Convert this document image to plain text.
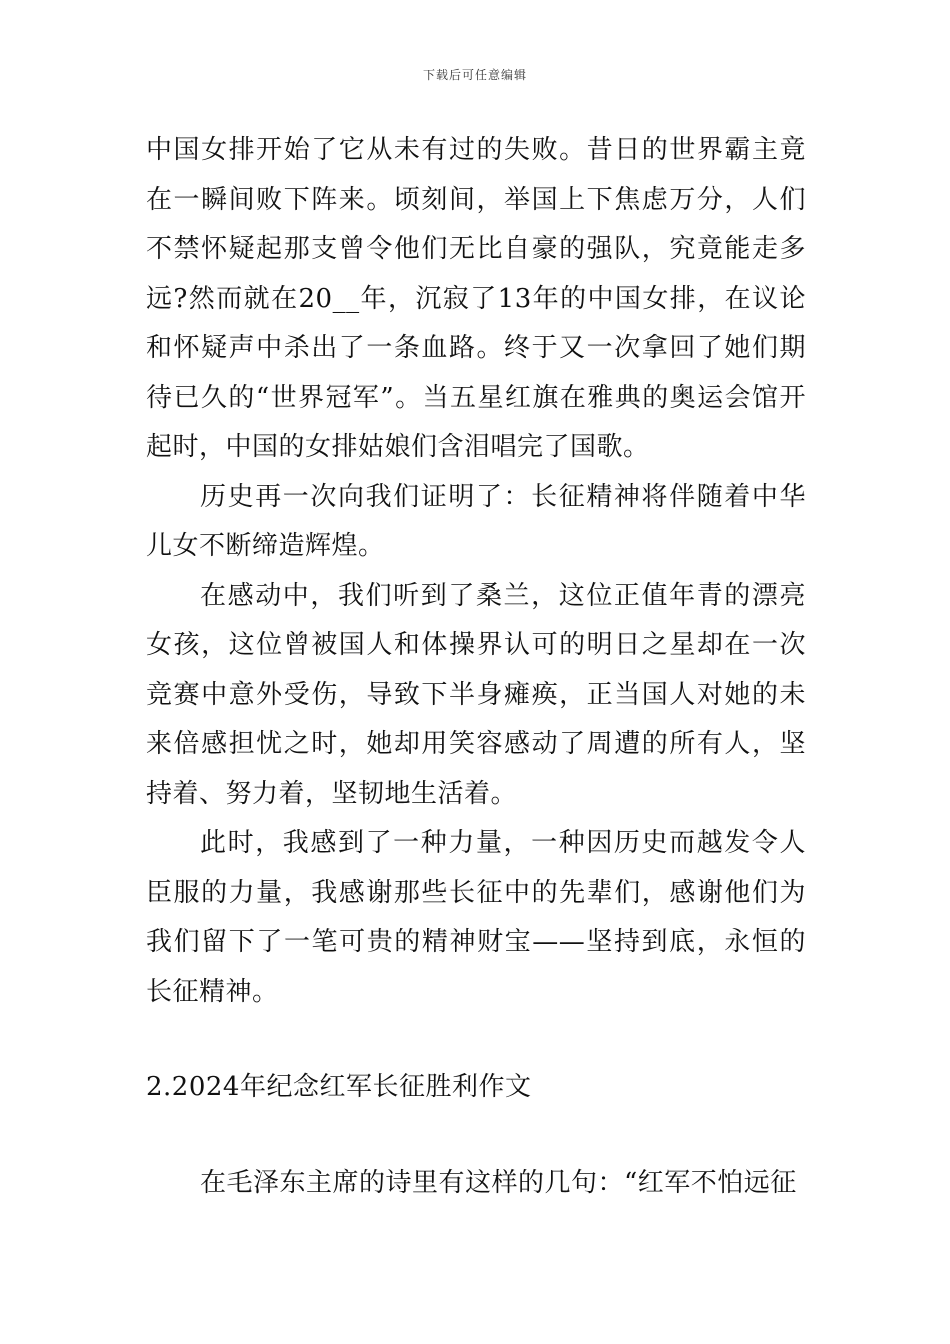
下载后可任意编辑

中国女排开始了它从未有过的失败。昔日的世界霸主竟在一瞬间败下阵来。顷刻间，举国上下焦虑万分，人们不禁怀疑起那支曾令他们无比自豪的强队，究竟能走多远?然而就在20__年，沉寂了13年的中国女排，在议论和怀疑声中杀出了一条血路。终于又一次拿回了她们期待已久的“世界冠军”。当五星红旗在雅典的奥运会馆开起时，中国的女排姑娘们含泪唱完了国歌。

历史再一次向我们证明了：长征精神将伴随着中华儿女不断缔造辉煌。

在感动中，我们听到了桑兰，这位正值年青的漂亮女孩，这位曾被国人和体操界认可的明日之星却在一次竞赛中意外受伤，导致下半身瘫痪，正当国人对她的未来倍感担忧之时，她却用笑容感动了周遭的所有人，坚持着、努力着，坚韧地生活着。

此时，我感到了一种力量，一种因历史而越发令人臣服的力量，我感谢那些长征中的先辈们，感谢他们为我们留下了一笔可贵的精神财宝——坚持到底，永恒的长征精神。

2.2024年纪念红军长征胜利作文

在毛泽东主席的诗里有这样的几句：“红军不怕远征
